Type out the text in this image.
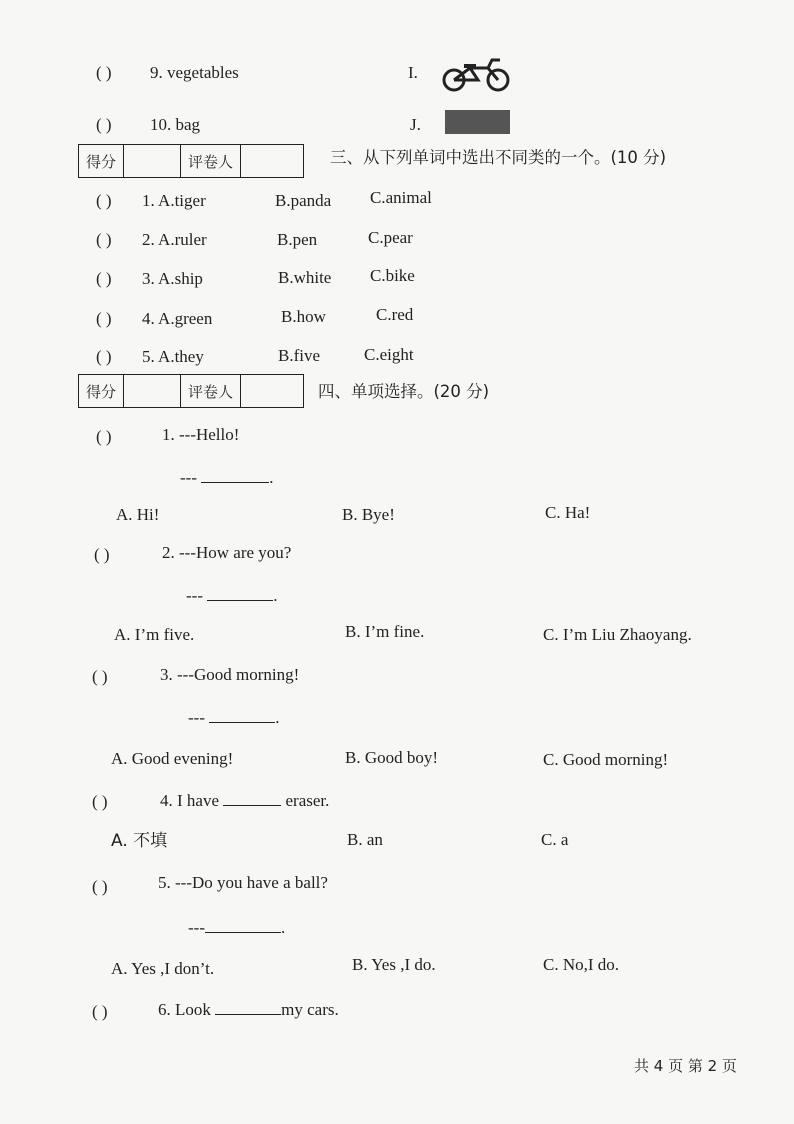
( ) 9. vegetables	I.
( ) 10. bag	J.
得分	评卷人	三、从下列单词中选出不同类的一个。(10 分)
( ) 1. A.tiger	B.panda C.animal
( ) 2. A.ruler	B.pen	C.pear
( ) 3. A.ship	B.white C.bike
( ) 4. A.green	B.how	C.red
( ) 5. A.they	B.five	C.eight
得分	评卷人	四、单项选择。(20 分)
( )	1. ---Hello!
---	.
A. Hi!	B. Bye!	C. Ha!
( )	2. ---How are you?
---	.
A. I’m five.	B. I’m fine.	C. I’m Liu Zhaoyang.
( )	3. ---Good morning!
---	.
A. Good evening!	B. Good boy!	C. Good morning!
( )	4. I have	eraser.
A. 不填	B. an	C. a
( )	5. ---Do you have a ball?
---	.
A. Yes ,I don’t.	B. Yes ,I do.	C. No,I do.
( )	6. Look	my cars.
共 4 页 第 2 页
